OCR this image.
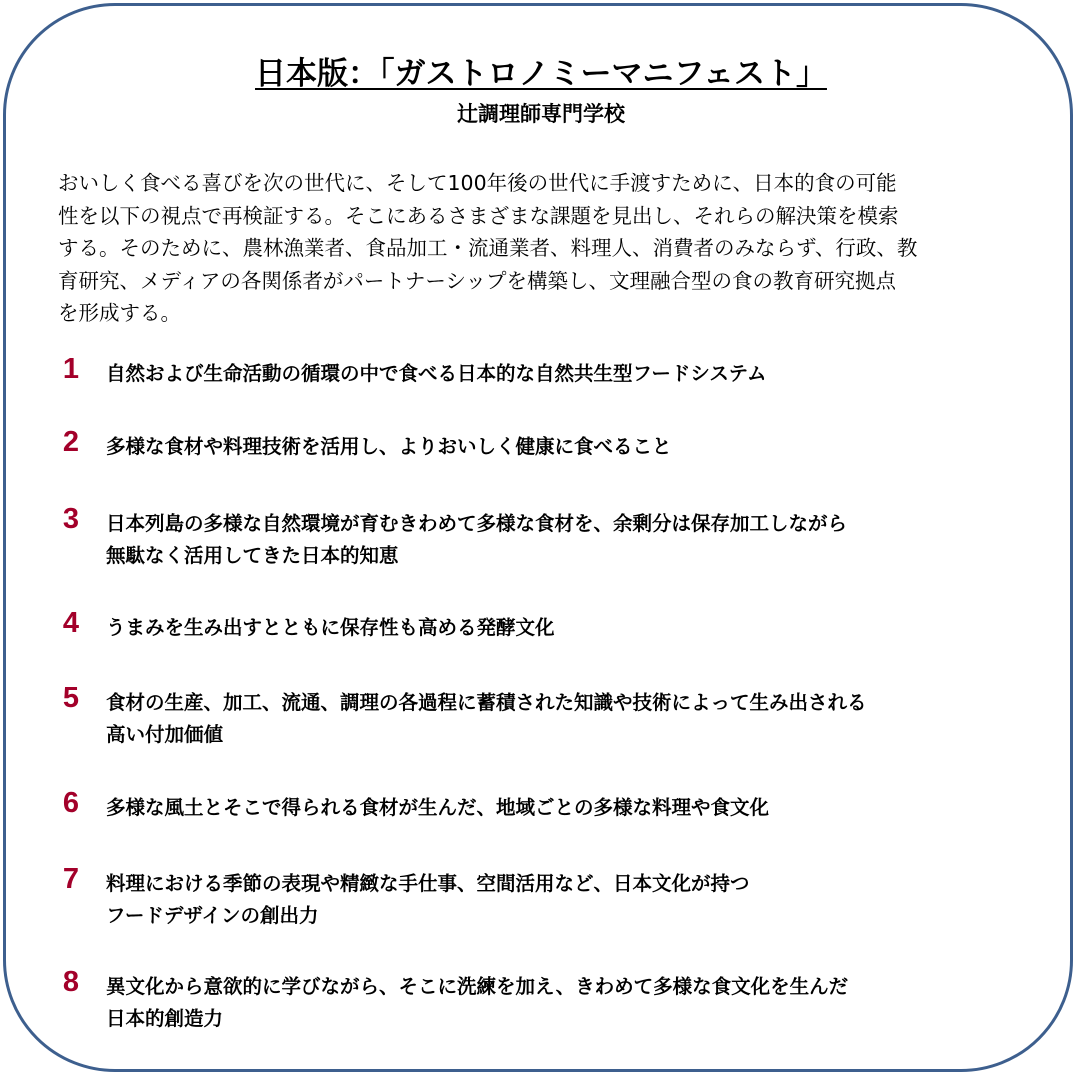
日本版：「ガストロノミーマニフェスト」
辻調理師専門学校

おいしく食べる喜びを次の世代に、そして100年後の世代に手渡すために、日本的食の可能
性を以下の視点で再検証する。そこにあるさまざまな課題を見出し、それらの解決策を模索
する。そのために、農林漁業者、食品加工・流通業者、料理人、消費者のみならず、行政、教
育研究、メディアの各関係者がパートナーシップを構築し、文理融合型の食の教育研究拠点
を形成する。

1	自然および生命活動の循環の中で食べる日本的な自然共生型フードシステム
2	多様な食材や料理技術を活用し、よりおいしく健康に食べること
3	日本列島の多様な自然環境が育むきわめて多様な食材を、余剰分は保存加工しながら
無駄なく活用してきた日本的知恵
4	うまみを生み出すとともに保存性も高める発酵文化
5	食材の生産、加工、流通、調理の各過程に蓄積された知識や技術によって生み出される
高い付加価値
6	多様な風土とそこで得られる食材が生んだ、地域ごとの多様な料理や食文化
7	料理における季節の表現や精緻な手仕事、空間活用など、日本文化が持つ
フードデザインの創出力
8	異文化から意欲的に学びながら、そこに洗練を加え、きわめて多様な食文化を生んだ
日本的創造力
